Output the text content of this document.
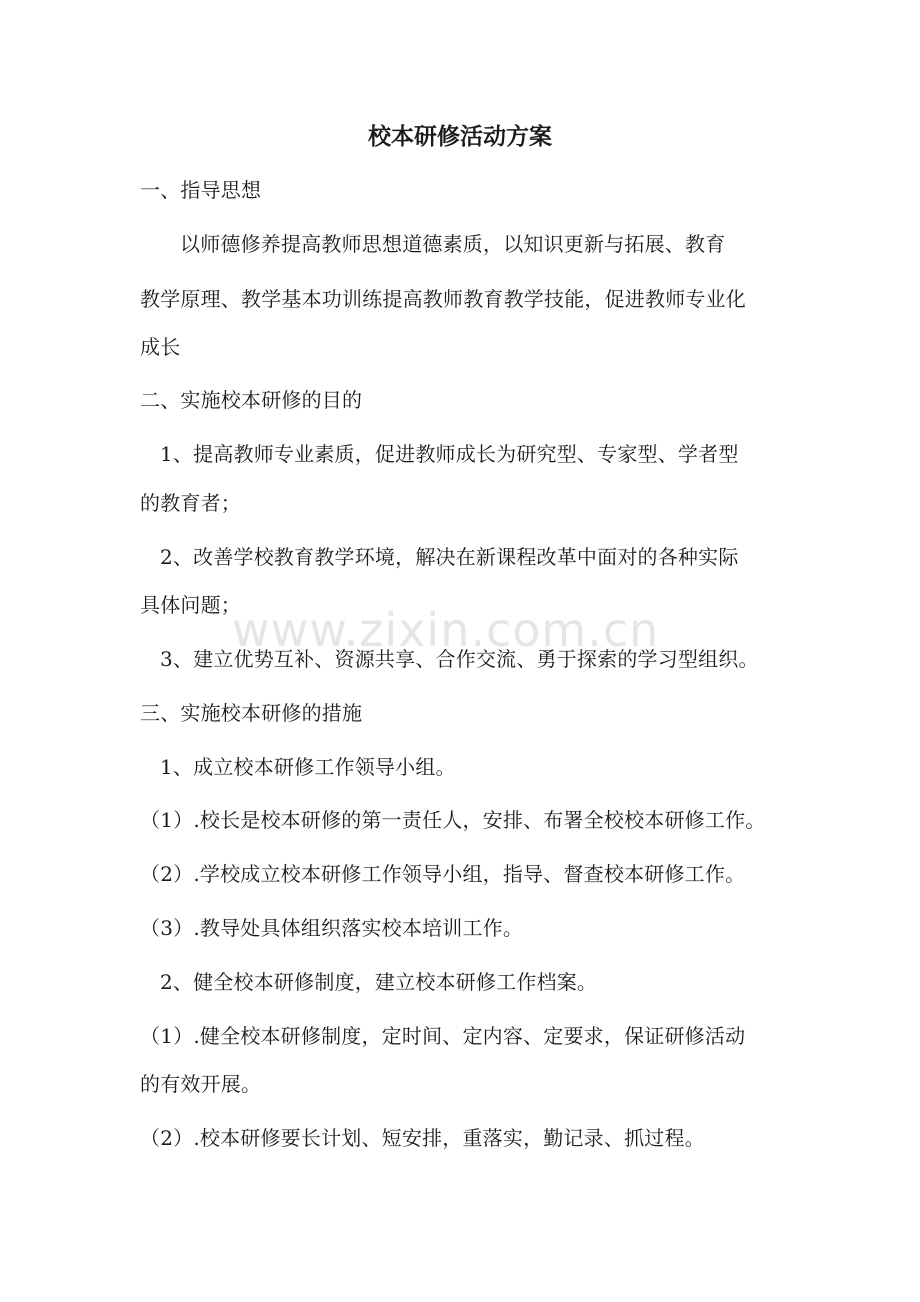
校本研修活动方案
一、指导思想
以师德修养提高教师思想道德素质，以知识更新与拓展、教育
教学原理、教学基本功训练提高教师教育教学技能，促进教师专业化
成长
二、实施校本研修的目的
1、提高教师专业素质，促进教师成长为研究型、专家型、学者型
的教育者；
2、改善学校教育教学环境，解决在新课程改革中面对的各种实际
具体问题；
3、建立优势互补、资源共享、合作交流、勇于探索的学习型组织。
三、实施校本研修的措施
1、成立校本研修工作领导小组。
（1）.校长是校本研修的第一责任人，安排、布署全校校本研修工作。
（2）.学校成立校本研修工作领导小组，指导、督查校本研修工作。
（3）.教导处具体组织落实校本培训工作。
2、健全校本研修制度，建立校本研修工作档案。
（1）.健全校本研修制度，定时间、定内容、定要求，保证研修活动
的有效开展。
（2）.校本研修要长计划、短安排，重落实，勤记录、抓过程。
www.zixin.com.cn
